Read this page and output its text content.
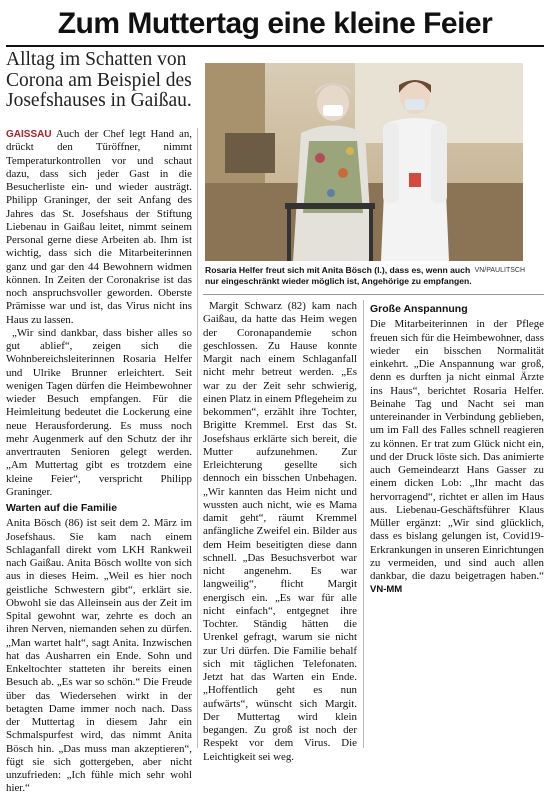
Zum Muttertag eine kleine Feier
Alltag im Schatten von Corona am Beispiel des Josefshauses in Gaißau.
VN/PAULITSCH
Rosaria Helfer freut sich mit Anita Bösch (l.), dass es, wenn auch nur eingeschränkt wieder möglich ist, Angehörige zu empfangen.

GAISSAU Auch der Chef legt Hand an, drückt den Türöffner, nimmt Temperaturkontrollen vor und schaut dazu, dass sich jeder Gast in die Besucherliste ein- und wieder austrägt. Philipp Graninger, der seit Anfang des Jahres das St. Josefshaus der Stiftung Liebenau in Gaißau leitet, nimmt seinem Personal gerne diese Arbeiten ab. Ihm ist wichtig, dass sich die Mitarbeiterinnen ganz und gar den 44 Bewohnern widmen können. In Zeiten der Coronakrise ist das noch anspruchsvoller geworden. Oberste Prämisse war und ist, das Virus nicht ins Haus zu lassen.

„Wir sind dankbar, dass bisher alles so gut ablief“, zeigen sich die Wohnbereichsleiterinnen Rosaria Helfer und Ulrike Brunner erleichtert. Seit wenigen Tagen dürfen die Heimbewohner wieder Besuch empfangen. Für die Heimleitung bedeutet die Lockerung eine neue Herausforderung. Es muss noch mehr Augenmerk auf den Schutz der ihr anvertrauten Senioren gelegt werden. „Am Muttertag gibt es trotzdem eine kleine Feier“, verspricht Philipp Graninger.

Warten auf die Familie

Anita Bösch (86) ist seit dem 2. März im Josefshaus. Sie kam nach einem Schlaganfall direkt vom LKH Rankweil nach Gaißau. Anita Bösch wollte von sich aus in dieses Heim. „Weil es hier noch geistliche Schwestern gibt“, erklärt sie. Obwohl sie das Alleinsein aus der Zeit im Spital gewohnt war, zehrte es doch an ihren Nerven, niemanden sehen zu dürfen. „Man wartet halt“, sagt Anita. Inzwischen hat das Ausharren ein Ende. Sohn und Enkeltochter statteten ihr bereits einen Besuch ab. „Es war so schön.“ Die Freude über das Wiedersehen wirkt in der betagten Dame immer noch nach. Dass der Muttertag in diesem Jahr ein Schmalspurfest wird, das nimmt Anita Bösch hin. „Das muss man akzeptieren“, fügt sie sich gottergeben, aber nicht unzufrieden: „Ich fühle mich sehr wohl hier.“

Margit Schwarz (82) kam nach Gaißau, da hatte das Heim wegen der Coronapandemie schon geschlossen. Zu Hause konnte Margit nach einem Schlaganfall nicht mehr betreut werden. „Es war zu der Zeit sehr schwierig, einen Platz in einem Pflegeheim zu bekommen“, erzählt ihre Tochter, Brigitte Kremmel. Erst das St. Josefshaus erklärte sich bereit, die Mutter aufzunehmen. Zur Erleichterung gesellte sich dennoch ein bisschen Unbehagen. „Wir kannten das Heim nicht und wussten auch nicht, wie es Mama damit geht“, räumt Kremmel anfängliche Zweifel ein. Bilder aus dem Heim beseitigten diese dann schnell. „Das Besuchsverbot war nicht angenehm. Es war langweilig“, flicht Margit energisch ein. „Es war für alle nicht einfach“, entgegnet ihre Tochter. Ständig hätten die Urenkel gefragt, warum sie nicht zur Uri dürfen. Die Familie behalf sich mit täglichen Telefonaten. Jetzt hat das Warten ein Ende. „Hoffentlich geht es nun aufwärts“, wünscht sich Margit. Der Muttertag wird klein begangen. Zu groß ist noch der Respekt vor dem Virus. Die Leichtigkeit sei weg.

Große Anspannung

Die Mitarbeiterinnen in der Pflege freuen sich für die Heimbewohner, dass wieder ein bisschen Normalität einkehrt. „Die Anspannung war groß, denn es durften ja nicht einmal Ärzte ins Haus“, berichtet Rosaria Helfer. Beinahe Tag und Nacht sei man untereinander in Verbindung geblieben, um im Fall des Falles schnell reagieren zu können. Er trat zum Glück nicht ein, und der Druck löste sich. Das animierte auch Gemeindearzt Hans Gasser zu einem dicken Lob: „Ihr macht das hervorragend“, richtet er allen im Haus aus. Liebenau-Geschäftsführer Klaus Müller ergänzt: „Wir sind glücklich, dass es bislang gelungen ist, Covid19-Erkrankungen in unseren Einrichtungen zu vermeiden, und sind auch allen dankbar, die dazu beigetragen haben.“ VN-MM
